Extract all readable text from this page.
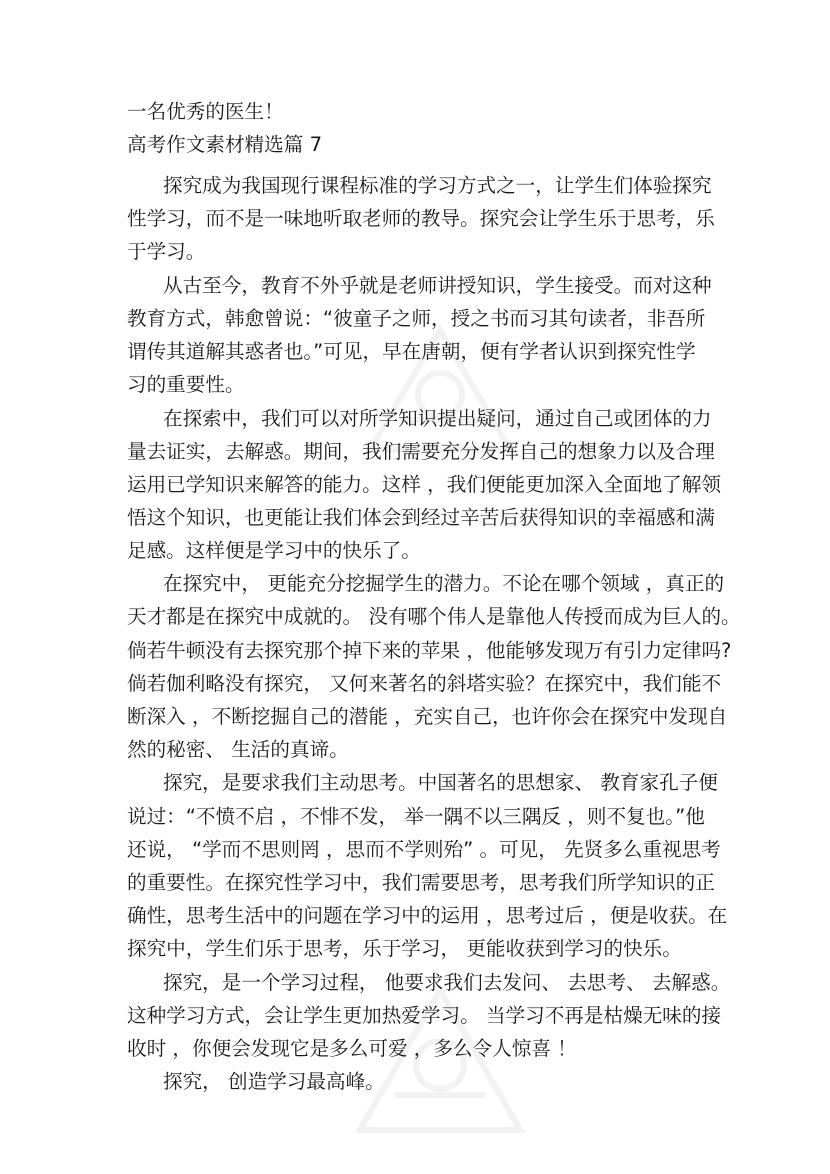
一名优秀的医生！
高考作文素材精选篇 7
探究成为我国现行课程标准的学习方式之一，让学生们体验探究
性学习，而不是一味地听取老师的教导。探究会让学生乐于思考，乐
于学习。
从古至今，教育不外乎就是老师讲授知识，学生接受。而对这种
教育方式，韩愈曾说：“彼童子之师，授之书而习其句读者，非吾所
谓传其道解其惑者也。”可见，早在唐朝，便有学者认识到探究性学
习的重要性。
在探索中，我们可以对所学知识提出疑问，通过自己或团体的力
量去证实，去解惑。期间，我们需要充分发挥自己的想象力以及合理
运用已学知识来解答的能力。这样 ，我们便能更加深入全面地了解领
悟这个知识，也更能让我们体会到经过辛苦后获得知识的幸福感和满
足感。这样便是学习中的快乐了。
在探究中， 更能充分挖掘学生的潜力。不论在哪个领域 ，真正的
天才都是在探究中成就的。 没有哪个伟人是靠他人传授而成为巨人的。
倘若牛顿没有去探究那个掉下来的苹果 ，他能够发现万有引力定律吗?
倘若伽利略没有探究， 又何来著名的斜塔实验？在探究中，我们能不
断深入 ，不断挖掘自己的潜能 ，充实自己，也许你会在探究中发现自
然的秘密、 生活的真谛。
探究，是要求我们主动思考。中国著名的思想家、 教育家孔子便
说过：“不愤不启 ，不悱不发， 举一隅不以三隅反 ，则不复也。”他
还说， “学而不思则罔 ，思而不学则殆” 。可见， 先贤多么重视思考
的重要性。在探究性学习中，我们需要思考，思考我们所学知识的正
确性，思考生活中的问题在学习中的运用 ，思考过后 ，便是收获。在
探究中，学生们乐于思考，乐于学习， 更能收获到学习的快乐。
探究，是一个学习过程， 他要求我们去发问、 去思考、 去解惑。
这种学习方式，会让学生更加热爱学习。 当学习不再是枯燥无味的接
收时 ，你便会发现它是多么可爱 ，多么令人惊喜 ！
探究， 创造学习最高峰。
